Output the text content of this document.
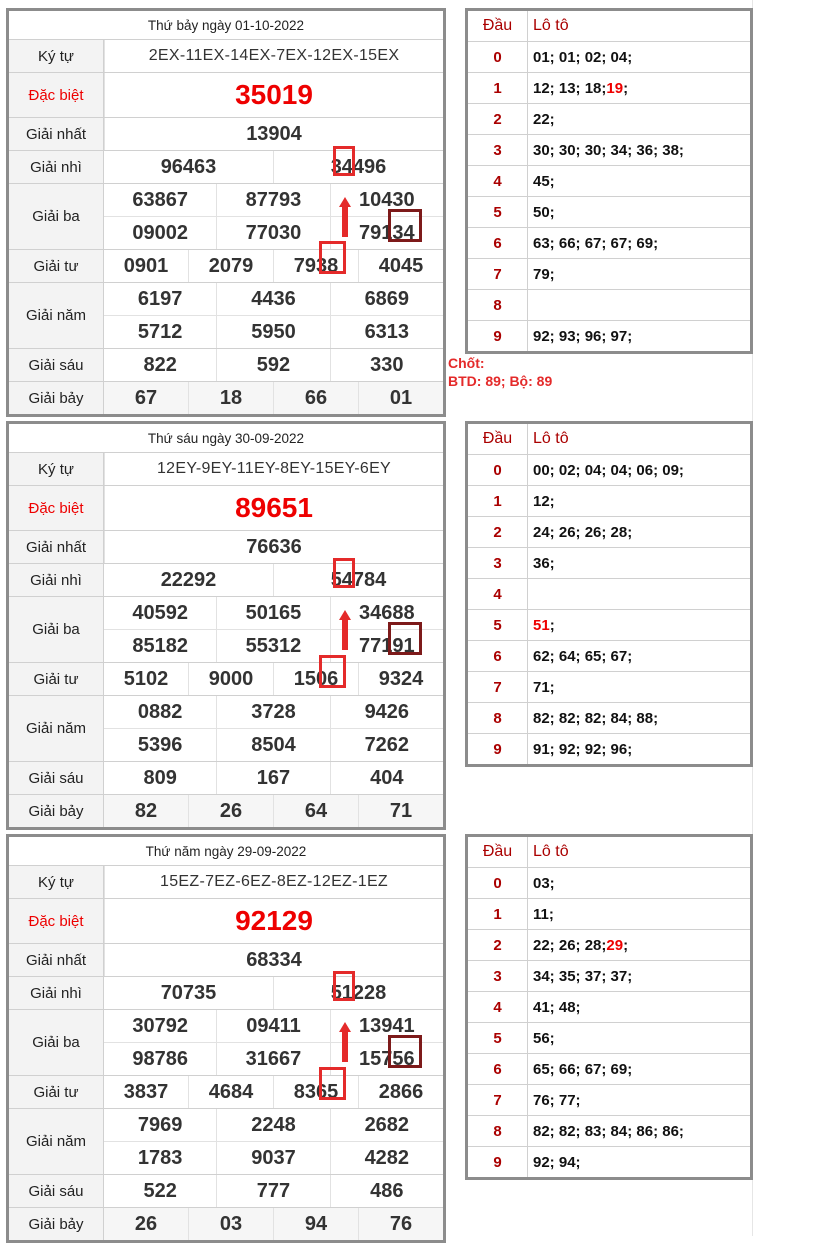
Thứ bảy ngày 01-10-2022
Ký tự	2EX-11EX-14EX-7EX-12EX-15EX
Đặc biệt	35019
Giải nhất	13904
Giải nhì	96463	34496
Giải ba
63867	87793	10430
09002	77030	79134
Giải tư	0901	2079	7938	4045
Giải năm
6197	4436	6869
5712	5950	6313
Giải sáu	822	592	330
Giải bảy	67	18	66	01
Đầu	Lô tô
0	01; 01; 02; 04;
1	12; 13; 18; 19 ;
2	22;
3	30; 30; 30; 34; 36; 38;
4	45;
5	50;
6	63; 66; 67; 67; 69;
7	79;
8
9	92; 93; 96; 97;
Thứ sáu ngày 30-09-2022
Ký tự	12EY-9EY-11EY-8EY-15EY-6EY
Đặc biệt	89651
Giải nhất	76636
Giải nhì	22292	54784
Giải ba
40592	50165	34688
85182	55312	77191
Giải tư	5102	9000	1506	9324
Giải năm
0882	3728	9426
5396	8504	7262
Giải sáu	809	167	404
Giải bảy	82	26	64	71
Đầu	Lô tô
0	00; 02; 04; 04; 06; 09;
1	12;
2	24; 26; 26; 28;
3	36;
4
5	51 ;
6	62; 64; 65; 67;
7	71;
8	82; 82; 82; 84; 88;
9	91; 92; 92; 96;
Thứ năm ngày 29-09-2022
Ký tự	15EZ-7EZ-6EZ-8EZ-12EZ-1EZ
Đặc biệt	92129
Giải nhất	68334
Giải nhì	70735	51228
Giải ba
30792	09411	13941
98786	31667	15756
Giải tư	3837	4684	8365	2866
Giải năm
7969	2248	2682
1783	9037	4282
Giải sáu	522	777	486
Giải bảy	26	03	94	76
Đầu	Lô tô
0	03;
1	11;
2	22; 26; 28; 29 ;
3	34; 35; 37; 37;
4	41; 48;
5	56;
6	65; 66; 67; 69;
7	76; 77;
8	82; 82; 83; 84; 86; 86;
9	92; 94;
Chốt:
BTD: 89; Bộ: 89
